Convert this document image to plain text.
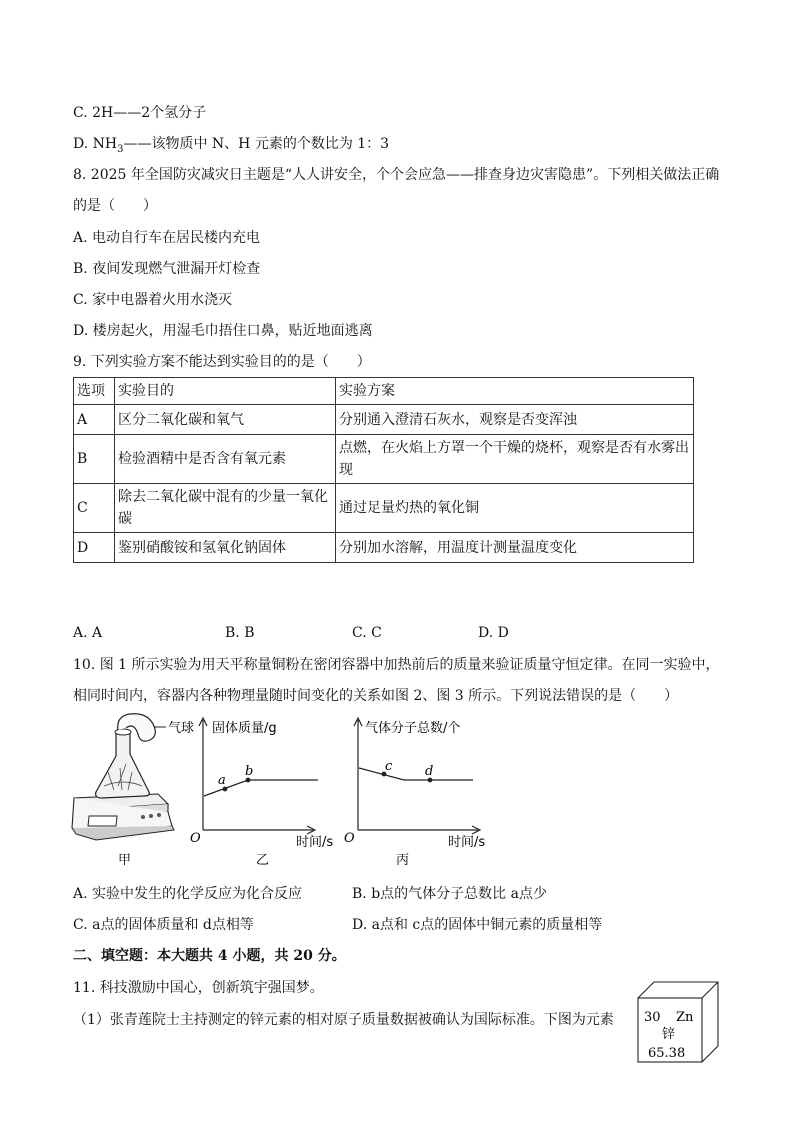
C. 2H——2个氢分子
D. $NH_3——$该物质中 N、H 元素的个数比为 1：3
8. 2025 年全国防灾减灾日主题是“人人讲安全，个个会应急——排查身边灾害隐患”。下列相关做法正确
的是（　　）
A. 电动自行车在居民楼内充电
B. 夜间发现燃气泄漏开灯检查
C. 家中电器着火用水浇灭
D. 楼房起火，用湿毛巾捂住口鼻，贴近地面逃离
9. 下列实验方案不能达到实验目的的是（　　）
选项	实验目的	实验方案
A	区分二氧化碳和氧气	分别通入澄清石灰水，观察是否变浑浊
B	检验酒精中是否含有氧元素	点燃，在火焰上方罩一个干燥的烧杯，观察是否有水雾出现
C	除去二氧化碳中混有的少量一氧化碳	通过足量灼热的氧化铜
D	鉴别硝酸铵和氢氧化钠固体	分别加水溶解，用温度计测量温度变化
A. A	B. B	C. C	D. D
10. 图 1 所示实验为用天平称量铜粉在密闭容器中加热前后的质量来验证质量守恒定律。在同一实验中，
相同时间内，容器内各种物理量随时间变化的关系如图 2、图 3 所示。下列说法错误的是（　　）
气球
甲
a
b
固体质量/g
时间/s
O
乙
c	d
气体分子总数/个
时间/s
O
丙
A. 实验中发生的化学反应为化合反应	B. b点的气体分子总数比 a点少
C. a点的固体质量和 d点相等	D. a点和 c点的固体中铜元素的质量相等
二、填空题：本大题共 4 小题，共 20 分。
11. 科技激励中国心，创新筑宇强国梦。
（1）张青莲院士主持测定的锌元素的相对原子质量数据被确认为国际标准。下图为元素 30 Zn
锌
65.38
